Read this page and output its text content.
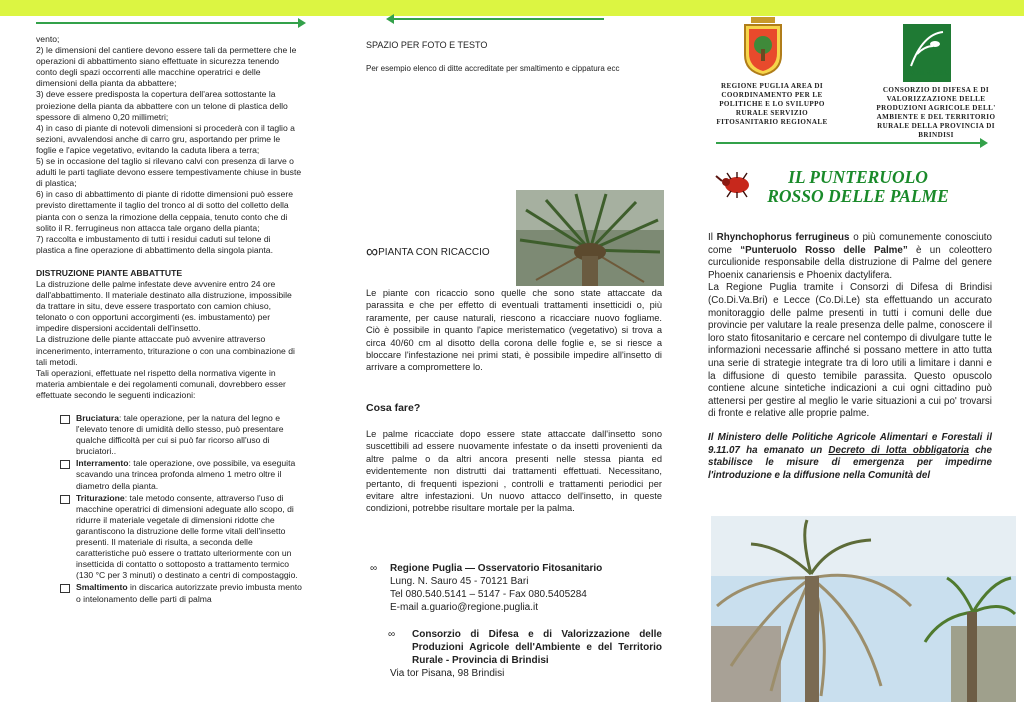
vento;

2) le dimensioni del cantiere devono essere tali da permettere che le operazioni di abbattimento siano effettuate in sicurezza tenendo conto degli spazi occorrenti alle macchine operatrici e delle dimensioni della pianta da abbattere;

3) deve essere predisposta la copertura dell'area sottostante la proiezione della pianta da abbattere con un telone di plastica dello spessore di almeno 0,20 millimetri;

4) in caso di piante di notevoli dimensioni si procederà con il taglio a sezioni, avvalendosi anche di carro gru, asportando per prime le foglie e l'apice vegetativo, evitando la caduta libera a terra;

5) se in occasione del taglio si rilevano calvi con presenza di larve o adulti le parti tagliate devono essere tempestivamente chiuse in buste di plastica;

6) in caso di abbattimento di piante di ridotte dimensioni può essere previsto direttamente il taglio del tronco al di sotto del colletto della pianta con o senza la rimozione della ceppaia, tenuto conto che di solito il R. ferrugineus non attacca tale organo della pianta;

7) raccolta e imbustamento di tutti i residui caduti sul telone di plastica a fine operazione di abbattimento della singola pianta.

DISTRUZIONE PIANTE ABBATTUTE

La distruzione delle palme infestate deve avvenire entro 24 ore dall'abbattimento. Il materiale destinato alla distruzione, impossibile da trattare in situ, deve essere trasportato con camion chiuso, telonato o con opportuni accorgimenti (es. imbustamento) per impedire dispersioni accidentali dell'insetto.

La distruzione delle piante attaccate può avvenire attraverso incenerimento, interramento, triturazione o con una combinazione di tali metodi.

Tali operazioni, effettuate nel rispetto della normativa vigente in materia ambientale e dei regolamenti comunali, dovrebbero esser effettuate secondo le seguenti indicazioni:

Bruciatura: tale operazione, per la natura del legno e l'elevato tenore di umidità dello stesso, può presentare qualche difficoltà per cui si può far ricorso all'uso di bruciatori..
Interramento: tale operazione, ove possibile, va eseguita scavando una trincea profonda almeno 1 metro oltre il diametro della pianta.
Triturazione: tale metodo consente, attraverso l'uso di macchine operatrici di dimensioni adeguate allo scopo, di ridurre il materiale vegetale di dimensioni ridotte che garantiscono la distruzione delle forme vitali dell'insetto presenti. Il materiale di risulta, a seconda delle caratteristiche può essere o trattato ulteriormente con un insetticida di contatto o sottoposto a trattamento termico (130 °C per 3 minuti) o destinato a centri di compostaggio.
Smaltimento in discarica autorizzate previo imbusta mento o intelonamento delle parti di palma
SPAZIO PER FOTO E TESTO
Per esempio elenco di ditte accreditate per smaltimento e cippatura ecc
∞PIANTA CON RICACCIO
Le piante con ricaccio sono quelle che sono state attaccate da parassita e che per effetto di eventuali trattamenti insetticidi o, più raramente, per cause naturali, riescono a ricacciare nuovo fogliame. Ciò è possibile in quanto l'apice meristematico (vegetativo) si trova a circa 40/60 cm al disotto della corona delle foglie e, se si riesce a bloccare l'infestazione nei primi stati, è possibile impedire all'insetto di arrivare a compromettere lo.
Cosa fare?
Le palme ricacciate dopo essere state attaccate dall'insetto sono suscettibili ad essere nuovamente infestate o da insetti provenienti da altre palme o da altri ancora presenti nelle stessa pianta ed evidentemente non distrutti dai trattamenti effettuati. Necessitano, pertanto, di frequenti ispezioni , controlli e trattamenti periodici per evitare altre infestazioni. Un nuovo attacco dell'insetto, in queste condizioni, potrebbe risultare mortale per la palma.
∞ Regione Puglia — Osservatorio Fitosanitario
Lung. N. Sauro 45 - 70121 Bari
Tel 080.540.5141 – 5147 - Fax 080.5405284
E-mail a.guario@regione.puglia.it
∞ Consorzio di Difesa e di Valorizzazione delle Produzioni Agricole dell'Ambiente e del Territorio Rurale - Provincia di Brindisi
Via tor Pisana, 98 Brindisi
CO.DI.VA.BRI
REGIONE PUGLIA AREA DI COORDINAMENTO PER LE POLITICHE E LO SVILUPPO RURALE SERVIZIO FITOSANITARIO REGIONALE
CONSORZIO DI DIFESA E DI VALORIZZAZIONE DELLE PRODUZIONI AGRICOLE DELL' AMBIENTE E DEL TERRITORIO RURALE DELLA PROVINCIA DI BRINDISI
IL PUNTERUOLO
ROSSO DELLE PALME
Il Rhynchophorus ferrugineus o più comunemente conosciuto come “Punteruolo Rosso delle Palme” è un coleottero curculionide responsabile della distruzione di Palme del genere Phoenix canariensis e Phoenix dactylifera.
La Regione Puglia tramite i Consorzi di Difesa di Brindisi (Co.Di.Va.Bri) e Lecce (Co.Di.Le) sta effettuando un accurato monitoraggio delle palme presenti in tutti i comuni delle due provincie per valutare la reale presenza delle palme, conoscere il loro stato fitosanitario e cercare nel contempo di divulgare tutte le informazioni necessarie affinché si possano mettere in atto tutta una serie di strategie integrate tra di loro utili a limitare i danni e la diffusione di questo temibile parassita. Questo opuscolo contiene alcune sintetiche indicazioni a cui ogni cittadino può attenersi per gestire al meglio le varie situazioni a cui po' trovarsi di fronte e relative alle proprie palme.
Il Ministero delle Politiche Agricole Alimentari e Forestali il 9.11.07 ha emanato un Decreto di lotta obbligatoria che stabilisce le misure di emergenza per impedirne l'introduzione e la diffusione nella Comunità del
